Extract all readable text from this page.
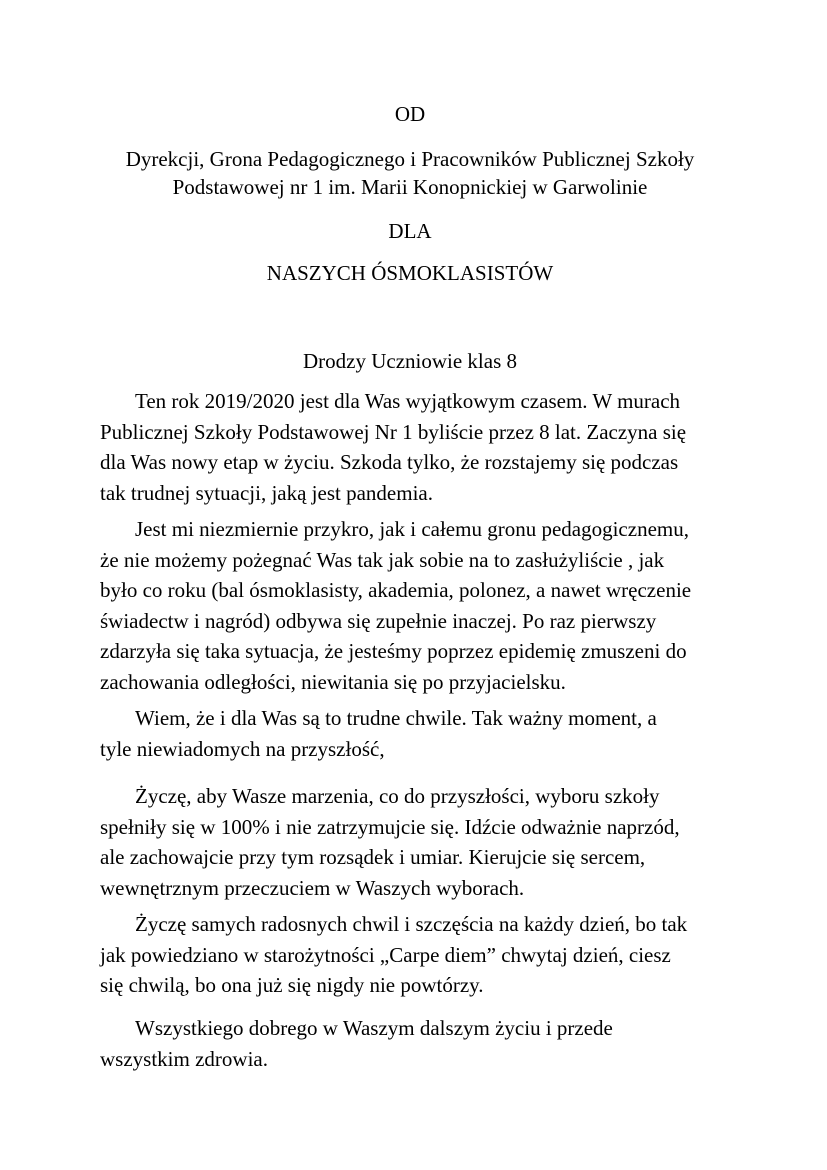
OD

Dyrekcji, Grona Pedagogicznego i Pracowników Publicznej Szkoły

Podstawowej nr 1 im. Marii Konopnickiej w Garwolinie

DLA

NASZYCH ÓSMOKLASISTÓW

Drodzy Uczniowie klas 8

Ten rok 2019/2020 jest dla Was wyjątkowym czasem. W murach
Publicznej Szkoły Podstawowej Nr 1 byliście przez 8 lat. Zaczyna się
dla Was nowy etap w życiu. Szkoda tylko, że rozstajemy się podczas
tak trudnej sytuacji, jaką jest pandemia.
Jest mi niezmiernie przykro, jak i całemu gronu pedagogicznemu,
że nie możemy pożegnać Was tak jak sobie na to zasłużyliście , jak
było co roku (bal ósmoklasisty, akademia, polonez, a nawet wręczenie
świadectw i nagród) odbywa się zupełnie inaczej. Po raz pierwszy
zdarzyła się taka sytuacja, że jesteśmy poprzez epidemię zmuszeni do
zachowania odległości, niewitania się po przyjacielsku.
Wiem, że i dla Was są to trudne chwile. Tak ważny moment, a
tyle niewiadomych na przyszłość,
Życzę, aby Wasze marzenia, co do przyszłości, wyboru szkoły
spełniły się w 100% i nie zatrzymujcie się. Idźcie odważnie naprzód,
ale zachowajcie przy tym rozsądek i umiar. Kierujcie się sercem,
wewnętrznym przeczuciem w Waszych wyborach.
Życzę samych radosnych chwil i szczęścia na każdy dzień, bo tak
jak powiedziano w starożytności „Carpe diem” chwytaj dzień, ciesz
się chwilą, bo ona już się nigdy nie powtórzy.
Wszystkiego dobrego w Waszym dalszym życiu i przede
wszystkim zdrowia.
